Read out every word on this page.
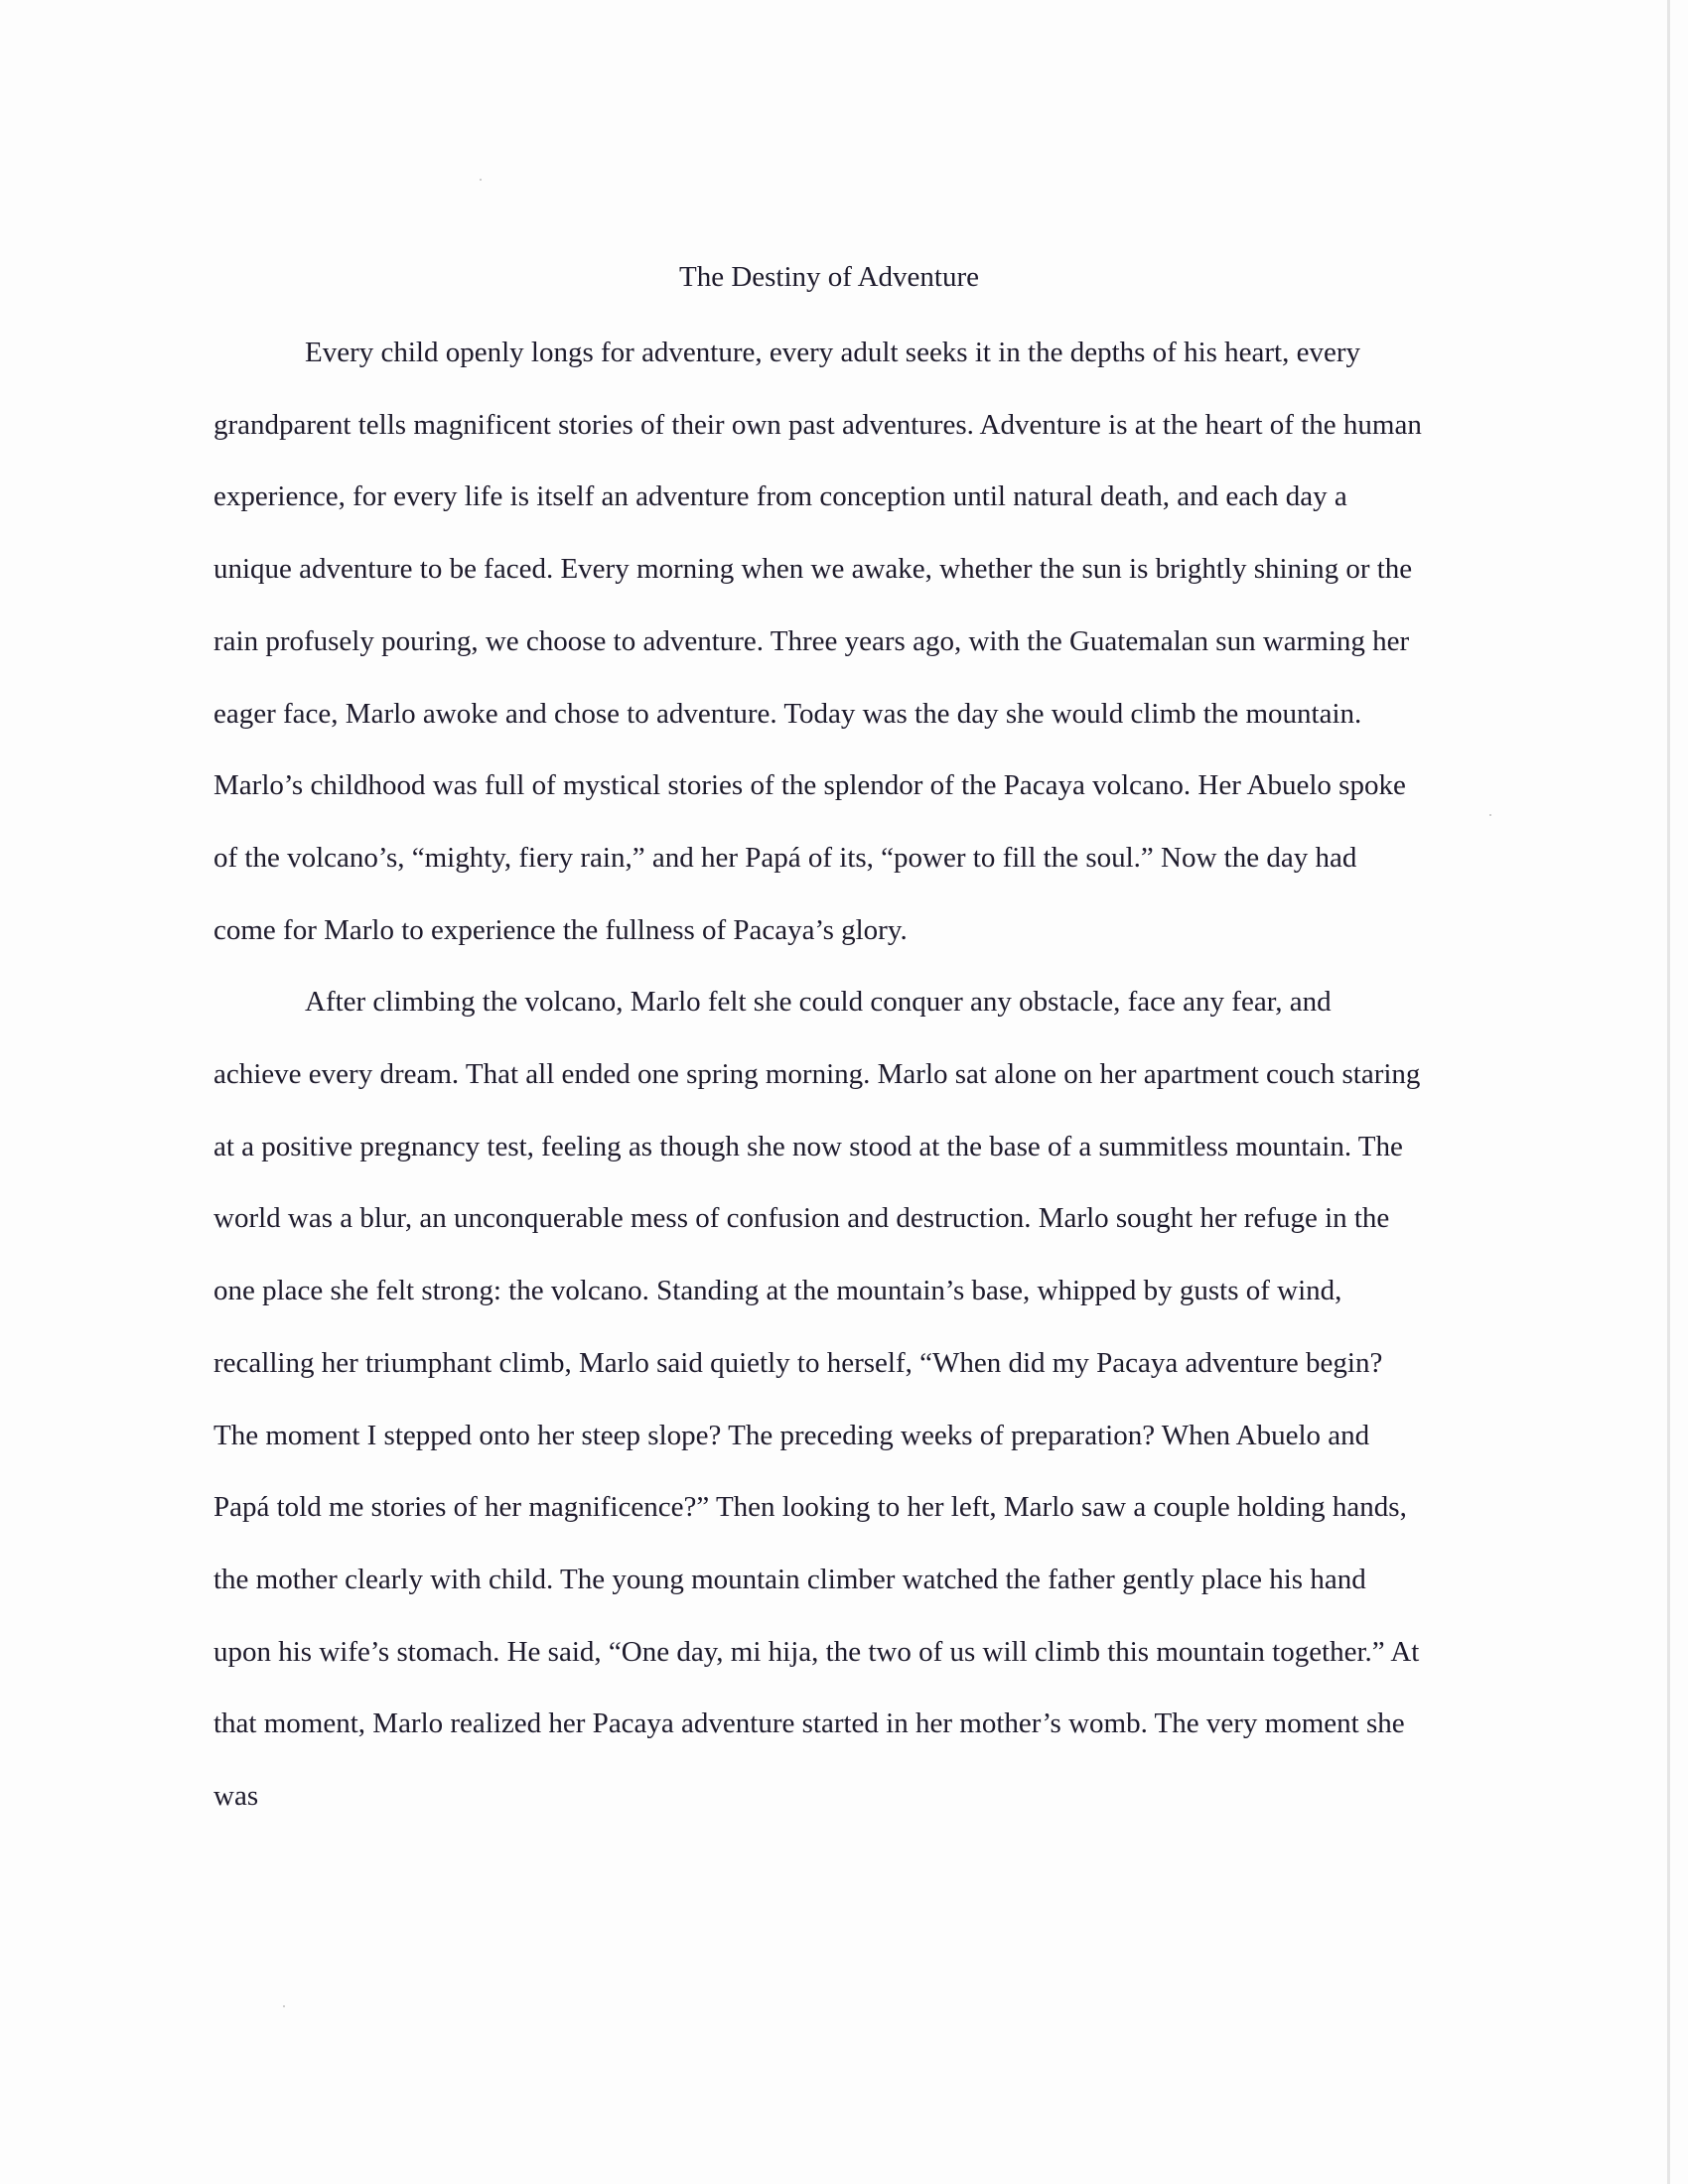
The Destiny of Adventure

Every child openly longs for adventure, every adult seeks it in the depths of his heart, every grandparent tells magnificent stories of their own past adventures. Adventure is at the heart of the human experience, for every life is itself an adventure from conception until natural death, and each day a unique adventure to be faced. Every morning when we awake, whether the sun is brightly shining or the rain profusely pouring, we choose to adventure. Three years ago, with the Guatemalan sun warming her eager face, Marlo awoke and chose to adventure. Today was the day she would climb the mountain. Marlo’s childhood was full of mystical stories of the splendor of the Pacaya volcano. Her Abuelo spoke of the volcano’s, “mighty, fiery rain,” and her Papá of its, “power to fill the soul.” Now the day had come for Marlo to experience the fullness of Pacaya’s glory.

After climbing the volcano, Marlo felt she could conquer any obstacle, face any fear, and achieve every dream. That all ended one spring morning. Marlo sat alone on her apartment couch staring at a positive pregnancy test, feeling as though she now stood at the base of a summitless mountain. The world was a blur, an unconquerable mess of confusion and destruction. Marlo sought her refuge in the one place she felt strong: the volcano. Standing at the mountain’s base, whipped by gusts of wind, recalling her triumphant climb, Marlo said quietly to herself, “When did my Pacaya adventure begin? The moment I stepped onto her steep slope? The preceding weeks of preparation? When Abuelo and Papá told me stories of her magnificence?” Then looking to her left, Marlo saw a couple holding hands, the mother clearly with child. The young mountain climber watched the father gently place his hand upon his wife’s stomach. He said, “One day, mi hija, the two of us will climb this mountain together.” At that moment, Marlo realized her Pacaya adventure started in her mother’s womb. The very moment she was
